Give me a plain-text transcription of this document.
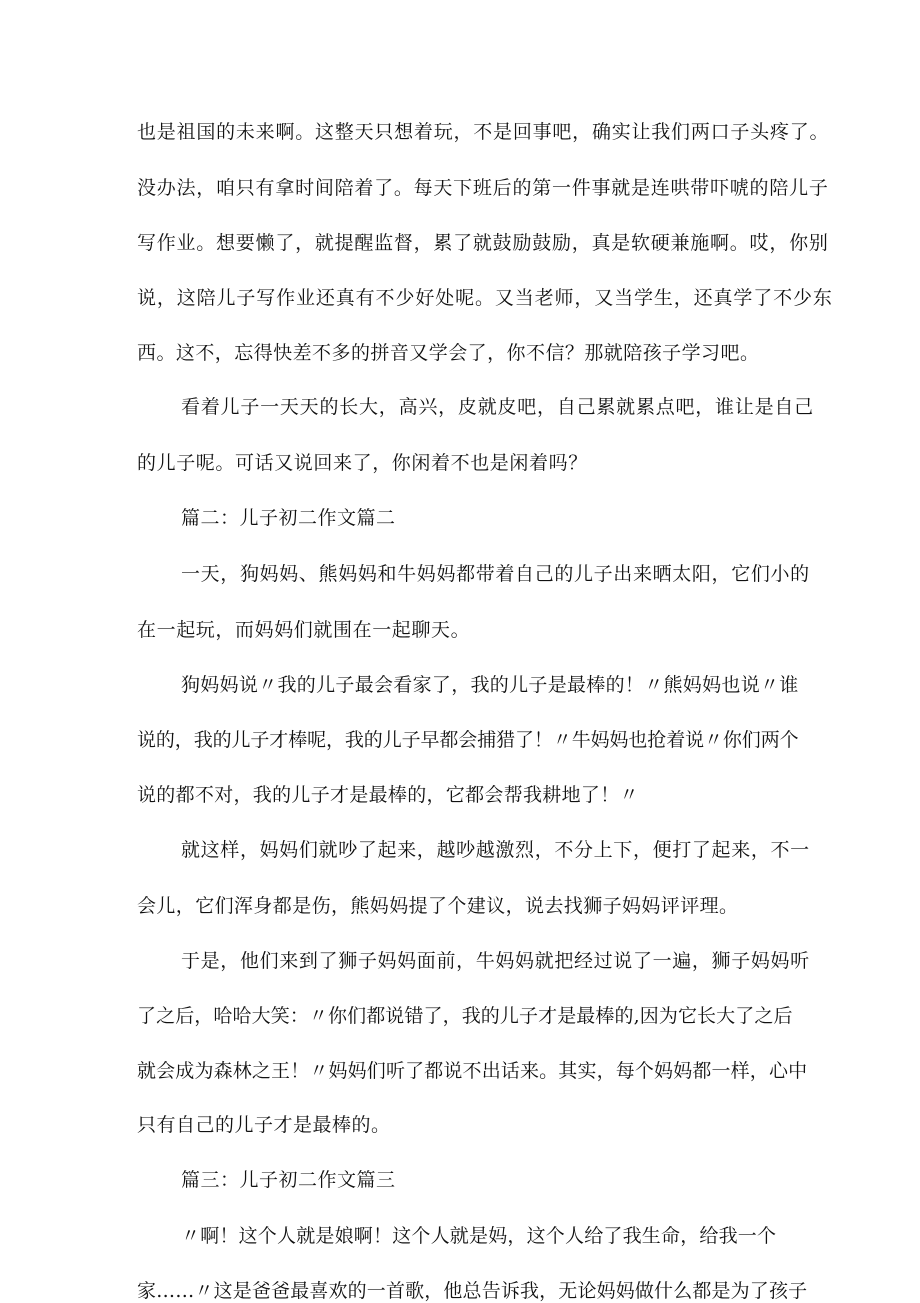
也是祖国的未来啊。这整天只想着玩，不是回事吧，确实让我们两口子头疼了。
没办法，咱只有拿时间陪着了。每天下班后的第一件事就是连哄带吓唬的陪儿子
写作业。想要懒了，就提醒监督，累了就鼓励鼓励，真是软硬兼施啊。哎，你别
说，这陪儿子写作业还真有不少好处呢。又当老师，又当学生，还真学了不少东
西。这不，忘得快差不多的拼音又学会了，你不信？那就陪孩子学习吧。
看着儿子一天天的长大，高兴，皮就皮吧，自己累就累点吧，谁让是自己
的儿子呢。可话又说回来了，你闲着不也是闲着吗？
篇二：儿子初二作文篇二
一天，狗妈妈、熊妈妈和牛妈妈都带着自己的儿子出来晒太阳，它们小的
在一起玩，而妈妈们就围在一起聊天。
狗妈妈说〃我的儿子最会看家了，我的儿子是最棒的！〃熊妈妈也说〃谁
说的，我的儿子才棒呢，我的儿子早都会捕猎了！〃牛妈妈也抢着说〃你们两个
说的都不对，我的儿子才是最棒的，它都会帮我耕地了！〃
就这样，妈妈们就吵了起来，越吵越激烈，不分上下，便打了起来，不一
会儿，它们浑身都是伤，熊妈妈提了个建议，说去找狮子妈妈评评理。
于是，他们来到了狮子妈妈面前，牛妈妈就把经过说了一遍，狮子妈妈听
了之后，哈哈大笑：〃你们都说错了，我的儿子才是最棒的,因为它长大了之后
就会成为森林之王！〃妈妈们听了都说不出话来。其实，每个妈妈都一样，心中
只有自己的儿子才是最棒的。
篇三：儿子初二作文篇三
〃啊！这个人就是娘啊！这个人就是妈，这个人给了我生命，给我一个
家……〃这是爸爸最喜欢的一首歌，他总告诉我，无论妈妈做什么都是为了孩子
